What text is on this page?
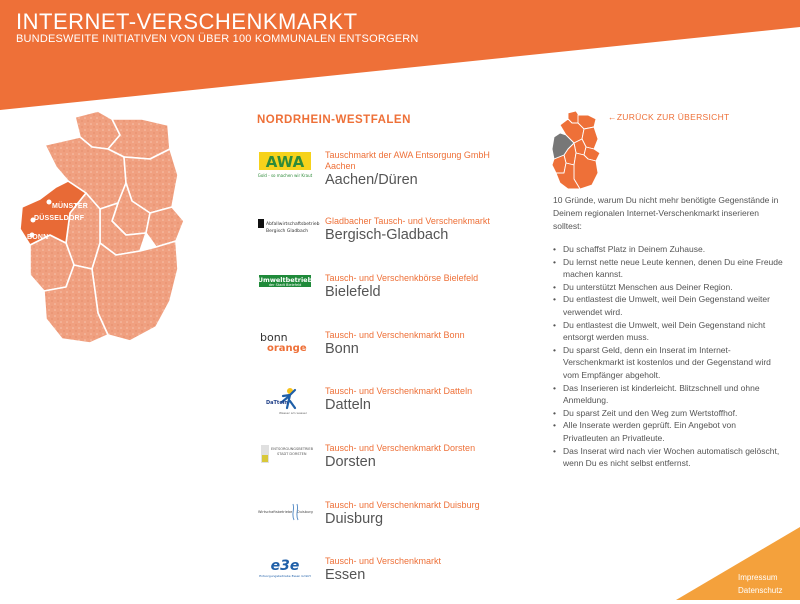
INTERNET-VERSCHENKMARKT
BUNDESWEITE INITIATIVEN VON ÜBER 100 KOMMUNALEN ENTSORGERN
MÜNSTER
DÜSSELDORF
BONN
NORDRHEIN-WESTFALEN
AWA
Gold - so machen wir Kraut
Tauschmarkt der AWA Entsorgung GmbH Aachen
Aachen/Düren
Abfallwirtschaftsbetrieb
Bergisch Gladbach
Gladbacher Tausch- und Verschenkmarkt
Bergisch-Gladbach
Umweltbetrieb
der Stadt Bielefeld
Tausch- und Verschenkbörse Bielefeld
Bielefeld
bonn
orange
Tausch- und Verschenkmarkt Bonn
Bonn
DaTteln
Wasser am wasser
Tausch- und Verschenkmarkt Datteln
Datteln
ENTSORGUNGSBETRIEB
STADT DORSTEN
Tausch- und Verschenkmarkt Dorsten
Dorsten
Wirtschaftsbetriebe Duisburg
Tausch- und Verschenkmarkt Duisburg
Duisburg
e3e
Entsorgungsbetriebe Essen GmbH
Tausch- und Verschenkmarkt
Essen
←ZURÜCK ZUR ÜBERSICHT

10 Gründe, warum Du nicht mehr benötigte Gegenstände in Deinem regionalen Internet-Verschenkmarkt inserieren solltest:

• Du schaffst Platz in Deinem Zuhause.
• Du lernst nette neue Leute kennen, denen Du eine Freude machen kannst.
• Du unterstützt Menschen aus Deiner Region.
• Du entlastest die Umwelt, weil Dein Gegenstand weiter verwendet wird.
• Du entlastest die Umwelt, weil Dein Gegenstand nicht entsorgt werden muss.
• Du sparst Geld, denn ein Inserat im Internet-Verschenkmarkt ist kostenlos und der Gegenstand wird vom Empfänger abgeholt.
• Das Inserieren ist kinderleicht. Blitzschnell und ohne Anmeldung.
• Du sparst Zeit und den Weg zum Wertstoffhof.
• Alle Inserate werden geprüft. Ein Angebot von Privatleuten an Privatleute.
• Das Inserat wird nach vier Wochen automatisch gelöscht, wenn Du es nicht selbst entfernst.
Impressum
Datenschutz
